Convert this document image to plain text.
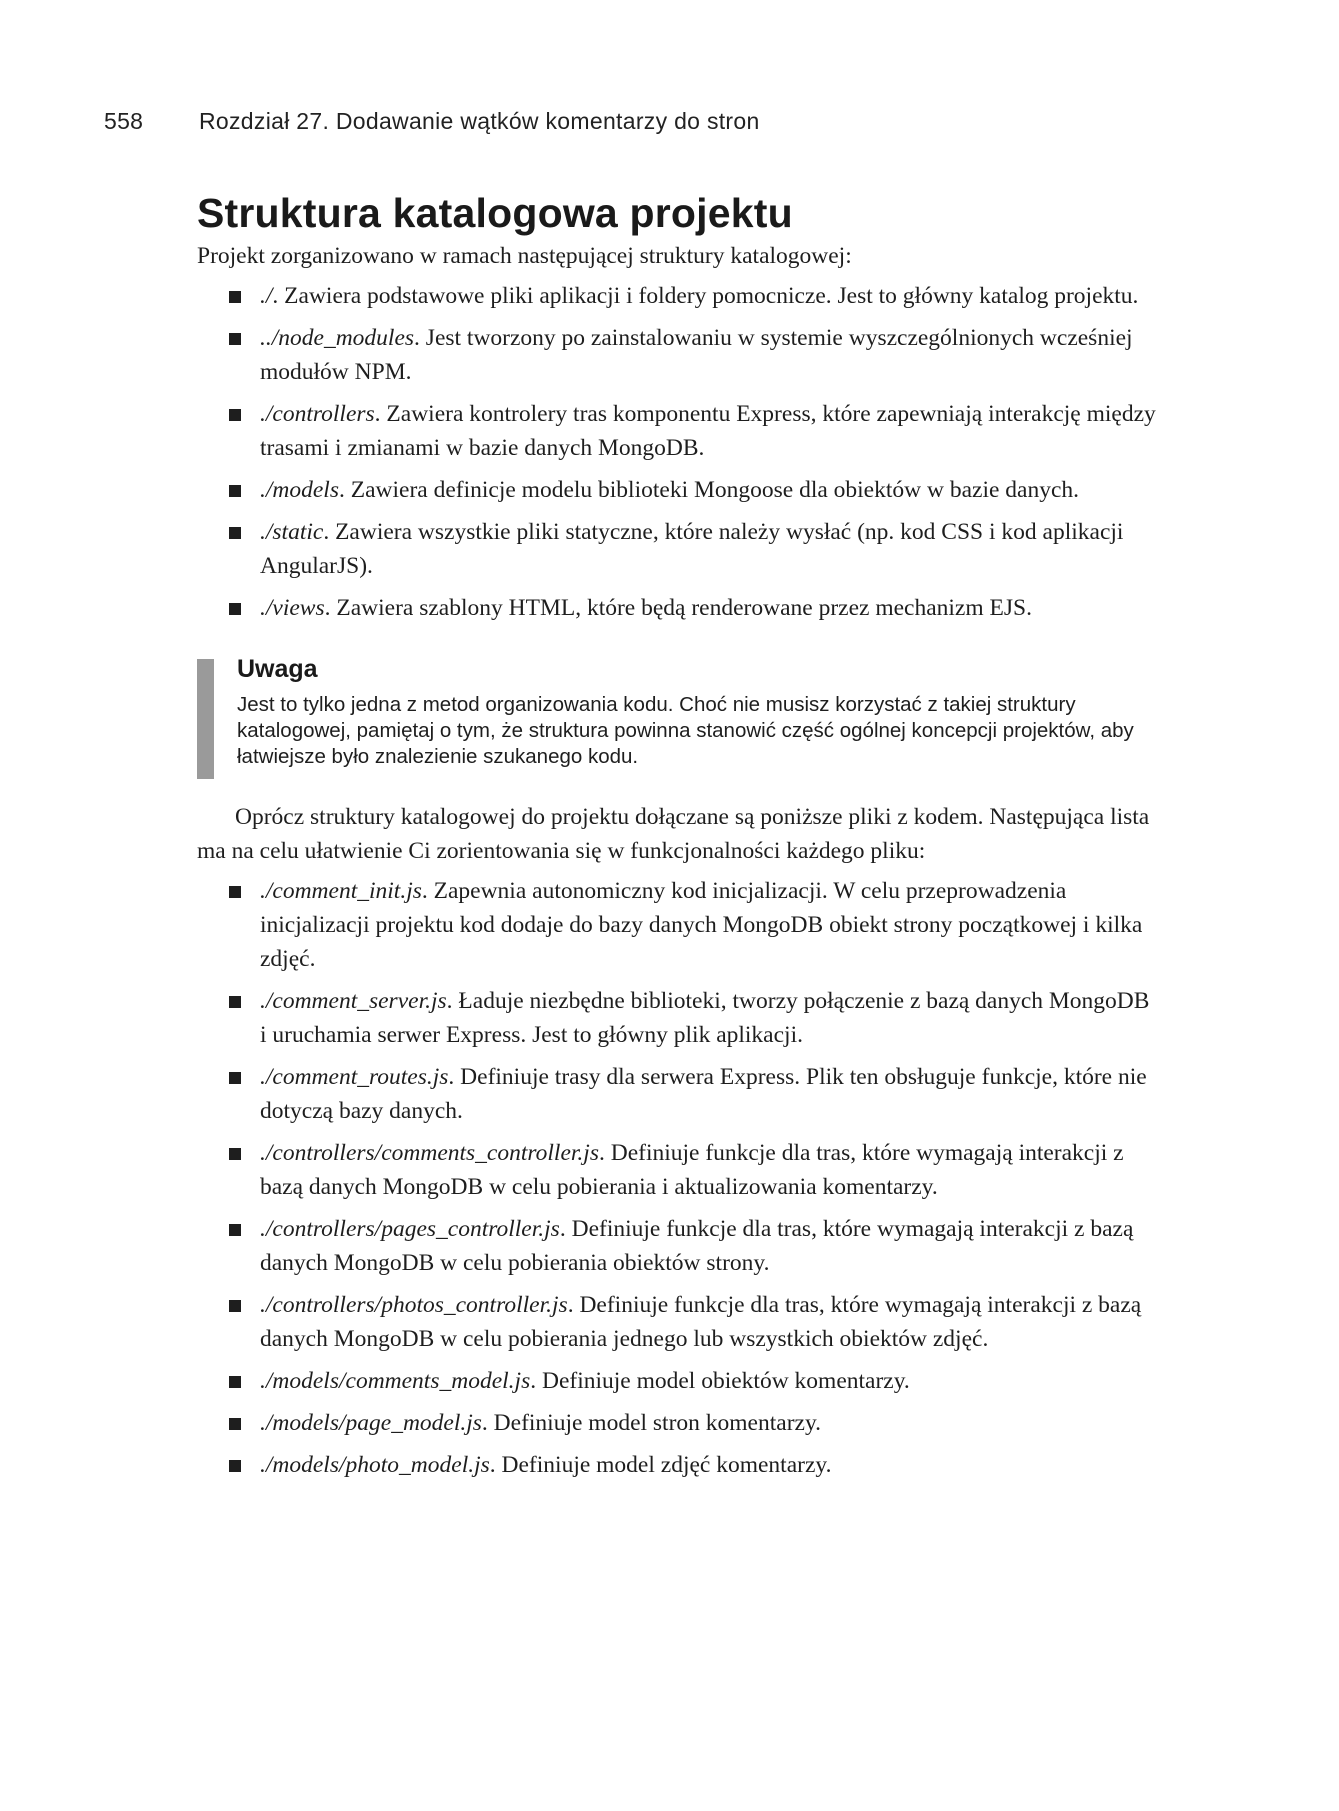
558 Rozdział 27. Dodawanie wątków komentarzy do stron
Struktura katalogowa projektu

Projekt zorganizowano w ramach następującej struktury katalogowej:

./. Zawiera podstawowe pliki aplikacji i foldery pomocnicze. Jest to główny katalog projektu.
../node_modules. Jest tworzony po zainstalowaniu w systemie wyszczególnionych wcześniej modułów NPM.
./controllers. Zawiera kontrolery tras komponentu Express, które zapewniają interakcję między trasami i zmianami w bazie danych MongoDB.
./models. Zawiera definicje modelu biblioteki Mongoose dla obiektów w bazie danych.
./static. Zawiera wszystkie pliki statyczne, które należy wysłać (np. kod CSS i kod aplikacji AngularJS).
./views. Zawiera szablony HTML, które będą renderowane przez mechanizm EJS.

Uwaga

Jest to tylko jedna z metod organizowania kodu. Choć nie musisz korzystać z takiej struktury katalogowej, pamiętaj o tym, że struktura powinna stanowić część ogólnej koncepcji projektów, aby łatwiejsze było znalezienie szukanego kodu.

Oprócz struktury katalogowej do projektu dołączane są poniższe pliki z kodem. Następująca lista ma na celu ułatwienie Ci zorientowania się w funkcjonalności każdego pliku:

./comment_init.js. Zapewnia autonomiczny kod inicjalizacji. W celu przeprowadzenia inicjalizacji projektu kod dodaje do bazy danych MongoDB obiekt strony początkowej i kilka zdjęć.
./comment_server.js. Ładuje niezbędne biblioteki, tworzy połączenie z bazą danych MongoDB i uruchamia serwer Express. Jest to główny plik aplikacji.
./comment_routes.js. Definiuje trasy dla serwera Express. Plik ten obsługuje funkcje, które nie dotyczą bazy danych.
./controllers/comments_controller.js. Definiuje funkcje dla tras, które wymagają interakcji z bazą danych MongoDB w celu pobierania i aktualizowania komentarzy.
./controllers/pages_controller.js. Definiuje funkcje dla tras, które wymagają interakcji z bazą danych MongoDB w celu pobierania obiektów strony.
./controllers/photos_controller.js. Definiuje funkcje dla tras, które wymagają interakcji z bazą danych MongoDB w celu pobierania jednego lub wszystkich obiektów zdjęć.
./models/comments_model.js. Definiuje model obiektów komentarzy.
./models/page_model.js. Definiuje model stron komentarzy.
./models/photo_model.js. Definiuje model zdjęć komentarzy.
